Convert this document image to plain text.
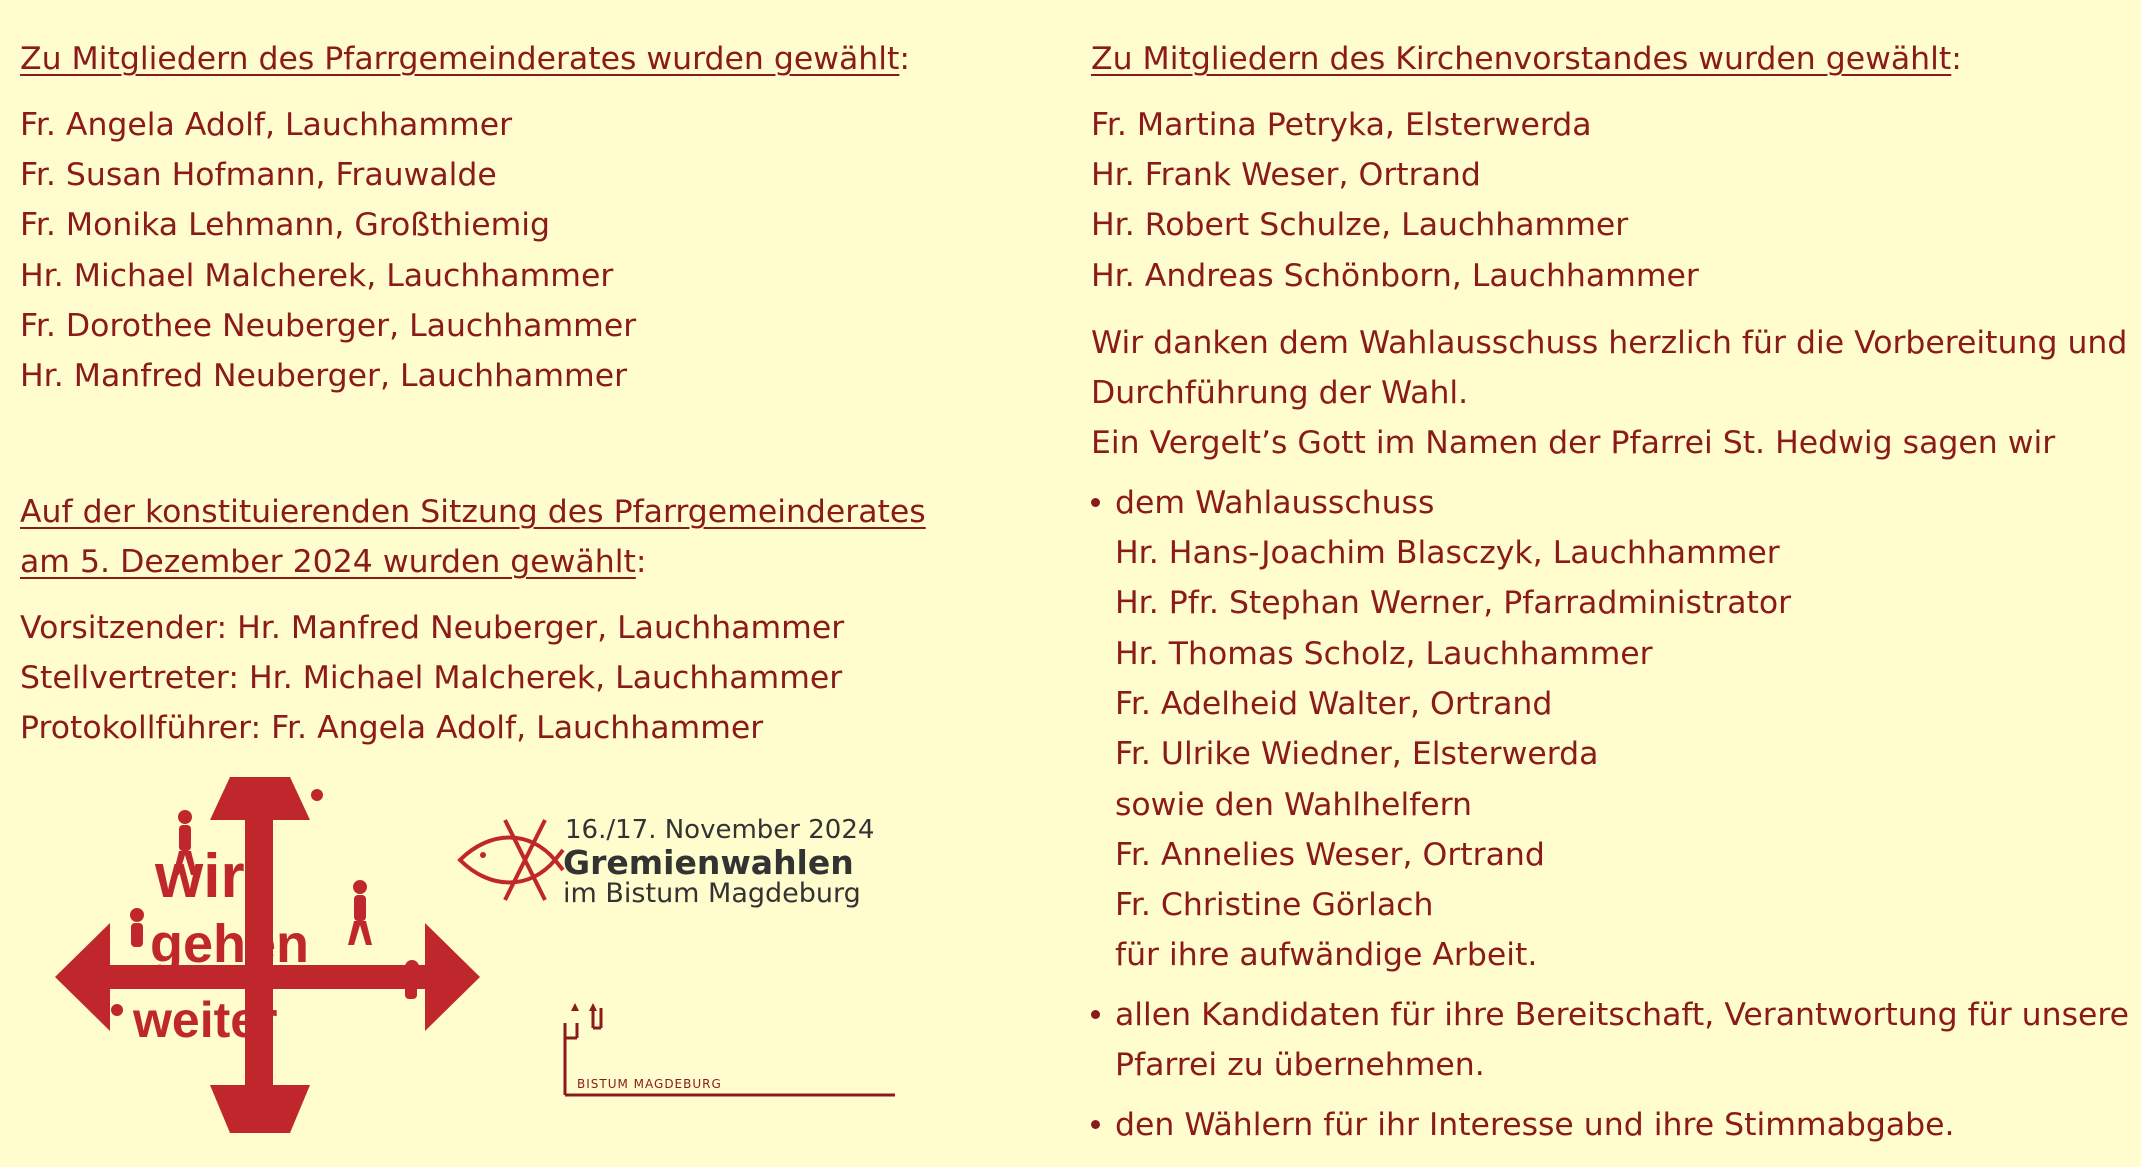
Zu Mitgliedern des Pfarrgemeinderates wurden gewählt:
Fr. Angela Adolf, Lauchhammer
Fr. Susan Hofmann, Frauwalde
Fr. Monika Lehmann, Großthiemig
Hr. Michael Malcherek, Lauchhammer
Fr. Dorothee Neuberger, Lauchhammer
Hr. Manfred Neuberger, Lauchhammer
Auf der konstituierenden Sitzung des Pfarrgemeinderates
am 5. Dezember 2024 wurden gewählt:
Vorsitzender: Hr. Manfred Neuberger, Lauchhammer
Stellvertreter: Hr. Michael Malcherek, Lauchhammer
Protokollführer: Fr. Angela Adolf, Lauchhammer
wir
gehen
weiter
16./17. November 2024
Gremienwahlen
im Bistum Magdeburg
BISTUM MAGDEBURG
Zu Mitgliedern des Kirchenvorstandes wurden gewählt:
Fr. Martina Petryka, Elsterwerda
Hr. Frank Weser, Ortrand
Hr. Robert Schulze, Lauchhammer
Hr. Andreas Schönborn, Lauchhammer
Wir danken dem Wahlausschuss herzlich für die Vorbereitung und
Durchführung der Wahl.
Ein Vergelt’s Gott im Namen der Pfarrei St. Hedwig sagen wir
dem Wahlausschuss
Hr. Hans-Joachim Blasczyk, Lauchhammer
Hr. Pfr. Stephan Werner, Pfarradministrator
Hr. Thomas Scholz, Lauchhammer
Fr. Adelheid Walter, Ortrand
Fr. Ulrike Wiedner, Elsterwerda
sowie den Wahlhelfern
Fr. Annelies Weser, Ortrand
Fr. Christine Görlach
für ihre aufwändige Arbeit.
allen Kandidaten für ihre Bereitschaft, Verantwortung für unsere
Pfarrei zu übernehmen.
den Wählern für ihr Interesse und ihre Stimmabgabe.
